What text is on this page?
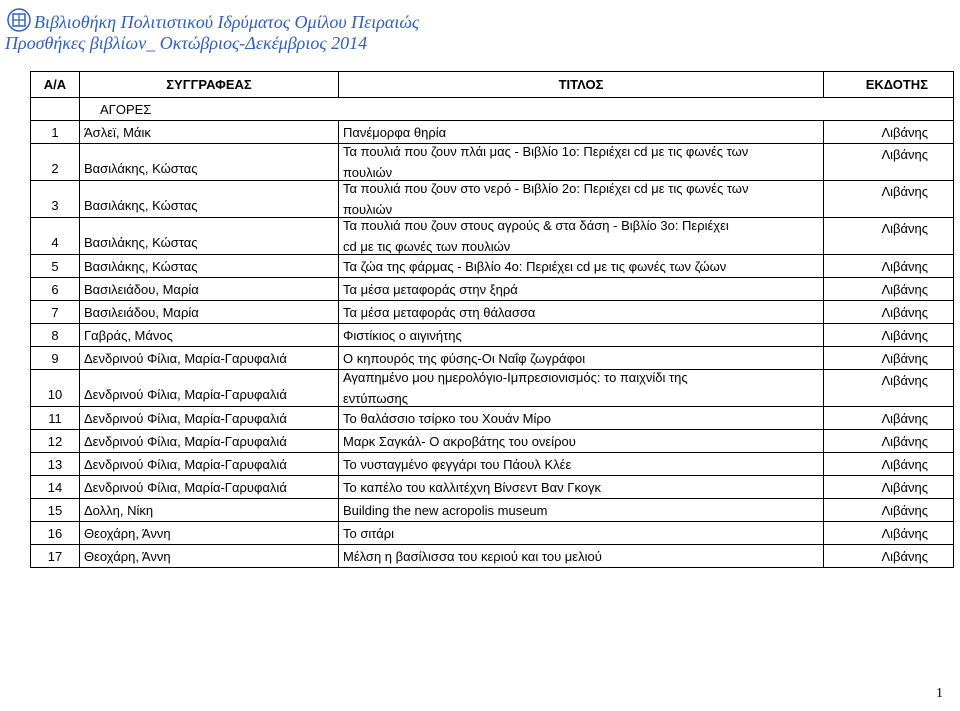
Βιβλιοθήκη Πολιτιστικού Ιδρύματος Ομίλου Πειραιώς
Προσθήκες βιβλίων_ Οκτώβριος-Δεκέμβριος 2014
Α/Α	ΣΥΓΓΡΑΦΕΑΣ	ΤΙΤΛΟΣ	ΕΚΔΟΤΗΣ
	ΑΓΟΡΕΣ		
1	Άσλεϊ, Μάικ	Πανέμορφα θηρία	Λιβάνης
2	Βασιλάκης, Κώστας	Τα πουλιά που ζουν πλάι μας - Βιβλίο 1ο: Περιέχει cd με τις φωνές των
πουλιών	Λιβάνης
3	Βασιλάκης, Κώστας	Τα πουλιά που ζουν στο νερό - Βιβλίο 2ο: Περιέχει cd με τις φωνές των
πουλιών	Λιβάνης
4	Βασιλάκης, Κώστας	Τα πουλιά που ζουν στους αγρούς & στα δάση - Βιβλίο 3ο: Περιέχει
cd με τις φωνές των πουλιών	Λιβάνης
5	Βασιλάκης, Κώστας	Τα ζώα της φάρμας - Βιβλίο 4ο: Περιέχει cd με τις φωνές των ζώων	Λιβάνης
6	Βασιλειάδου, Μαρία	Τα μέσα μεταφοράς στην ξηρά	Λιβάνης
7	Βασιλειάδου, Μαρία	Τα μέσα μεταφοράς στη θάλασσα	Λιβάνης
8	Γαβράς, Μάνος	Φιστίκιος ο αιγινήτης	Λιβάνης
9	Δενδρινού Φίλια, Μαρία-Γαρυφαλιά	Ο κηπουρός της φύσης-Οι Ναΐφ ζωγράφοι	Λιβάνης
10	Δενδρινού Φίλια, Μαρία-Γαρυφαλιά	Αγαπημένο μου ημερολόγιο-Ιμπρεσιονισμός: το παιχνίδι της
εντύπωσης	Λιβάνης
11	Δενδρινού Φίλια, Μαρία-Γαρυφαλιά	Το θαλάσσιο τσίρκο του Χουάν Μίρο	Λιβάνης
12	Δενδρινού Φίλια, Μαρία-Γαρυφαλιά	Μαρκ Σαγκάλ- Ο ακροβάτης του ονείρου	Λιβάνης
13	Δενδρινού Φίλια, Μαρία-Γαρυφαλιά	Το νυσταγμένο φεγγάρι του Πάουλ Κλέε	Λιβάνης
14	Δενδρινού Φίλια, Μαρία-Γαρυφαλιά	Το καπέλο του καλλιτέχνη Βίνσεντ Βαν Γκογκ	Λιβάνης
15	Δολλη, Νίκη	Building the new acropolis museum	Λιβάνης
16	Θεοχάρη, Άννη	Το σιτάρι	Λιβάνης
17	Θεοχάρη, Άννη	Μέλση η βασίλισσα του κεριού και του μελιού	Λιβάνης
1
